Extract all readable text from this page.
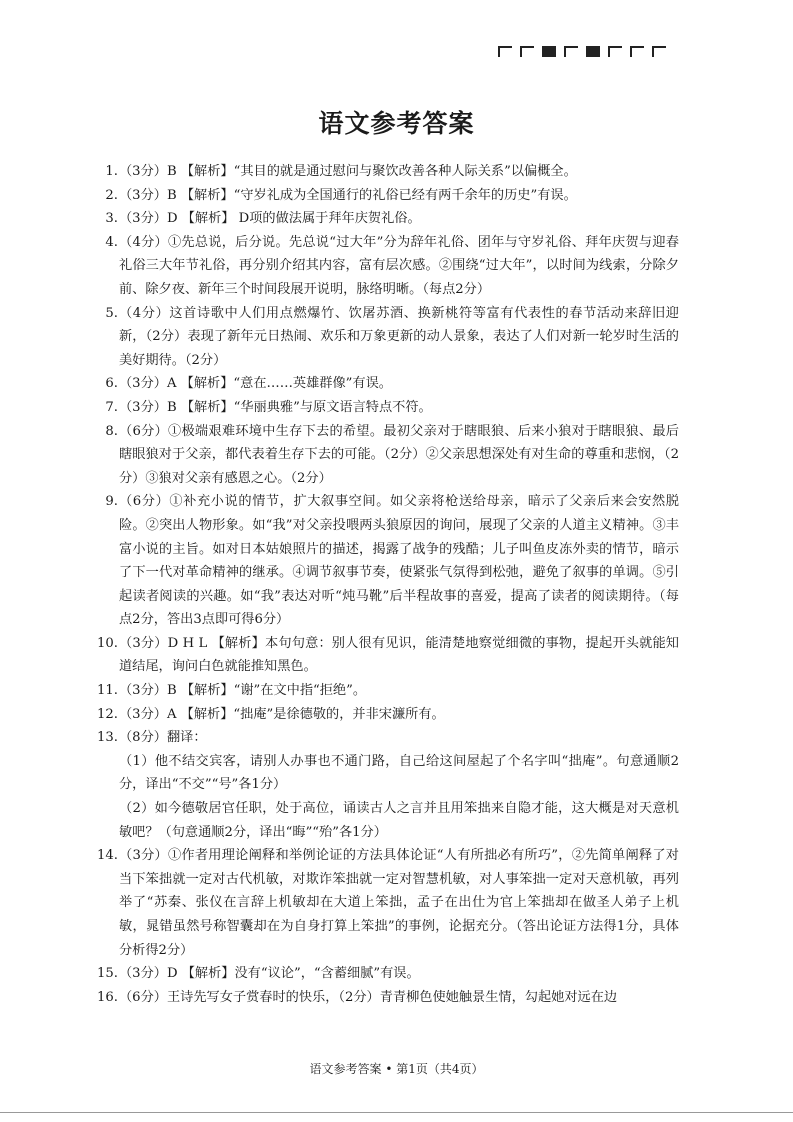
语文参考答案
1. （3分）B 【解析】“其目的就是通过慰问与聚饮改善各种人际关系”以偏概全。
2. （3分）B 【解析】“守岁礼成为全国通行的礼俗已经有两千余年的历史”有误。
3. （3分）D 【解析】 D项的做法属于拜年庆贺礼俗。
4. （4分）①先总说，后分说。先总说“过大年”分为辞年礼俗、团年与守岁礼俗、拜年庆贺与迎春礼俗三大年节礼俗，再分别介绍其内容，富有层次感。②围绕“过大年”，以时间为线索，分除夕前、除夕夜、新年三个时间段展开说明，脉络明晰。（每点2分）
5. （4分）这首诗歌中人们用点燃爆竹、饮屠苏酒、换新桃符等富有代表性的春节活动来辞旧迎新，（2分）表现了新年元日热闹、欢乐和万象更新的动人景象，表达了人们对新一轮岁时生活的美好期待。（2分）
6. （3分）A 【解析】“意在……英雄群像”有误。
7. （3分）B 【解析】“华丽典雅”与原文语言特点不符。
8. （6分）①极端艰难环境中生存下去的希望。最初父亲对于瞎眼狼、后来小狼对于瞎眼狼、最后瞎眼狼对于父亲，都代表着生存下去的可能。（2分）②父亲思想深处有对生命的尊重和悲悯，（2分）③狼对父亲有感恩之心。（2分）
9. （6分）①补充小说的情节，扩大叙事空间。如父亲将枪送给母亲，暗示了父亲后来会安然脱险。②突出人物形象。如“我”对父亲投喂两头狼原因的询问，展现了父亲的人道主义精神。③丰富小说的主旨。如对日本姑娘照片的描述，揭露了战争的残酷；儿子叫鱼皮冻外卖的情节，暗示了下一代对革命精神的继承。④调节叙事节奏，使紧张气氛得到松弛，避免了叙事的单调。⑤引起读者阅读的兴趣。如“我”表达对听“炖马靴”后半程故事的喜爱，提高了读者的阅读期待。（每点2分，答出3点即可得6分）
10. （3分）D H L 【解析】本句句意：别人很有见识，能清楚地察觉细微的事物，提起开头就能知道结尾，询问白色就能推知黑色。
11. （3分）B 【解析】“谢”在文中指“拒绝”。
12. （3分）A 【解析】“拙庵”是徐德敬的，并非宋濂所有。
13. （8分）翻译：
（1）他不结交宾客，请别人办事也不通门路，自己给这间屋起了个名字叫“拙庵”。句意通顺2分，译出“不交”“号”各1分）
（2）如今德敬居官任职，处于高位，诵读古人之言并且用笨拙来自隐才能，这大概是对天意机敏吧？（句意通顺2分，译出“晦”“殆”各1分）
14. （3分）①作者用理论阐释和举例论证的方法具体论证“人有所拙必有所巧”，②先简单阐释了对当下笨拙就一定对古代机敏，对欺诈笨拙就一定对智慧机敏，对人事笨拙一定对天意机敏，再列举了“苏秦、张仪在言辞上机敏却在大道上笨拙，孟子在出仕为官上笨拙却在做圣人弟子上机敏，晁错虽然号称智囊却在为自身打算上笨拙”的事例，论据充分。（答出论证方法得1分，具体分析得2分）
15. （3分）D 【解析】没有“议论”，“含蓄细腻”有误。
16. （6分）王诗先写女子赏春时的快乐，（2分）青青柳色使她触景生情，勾起她对远在边
语文参考答案 • 第1页（共4页）
